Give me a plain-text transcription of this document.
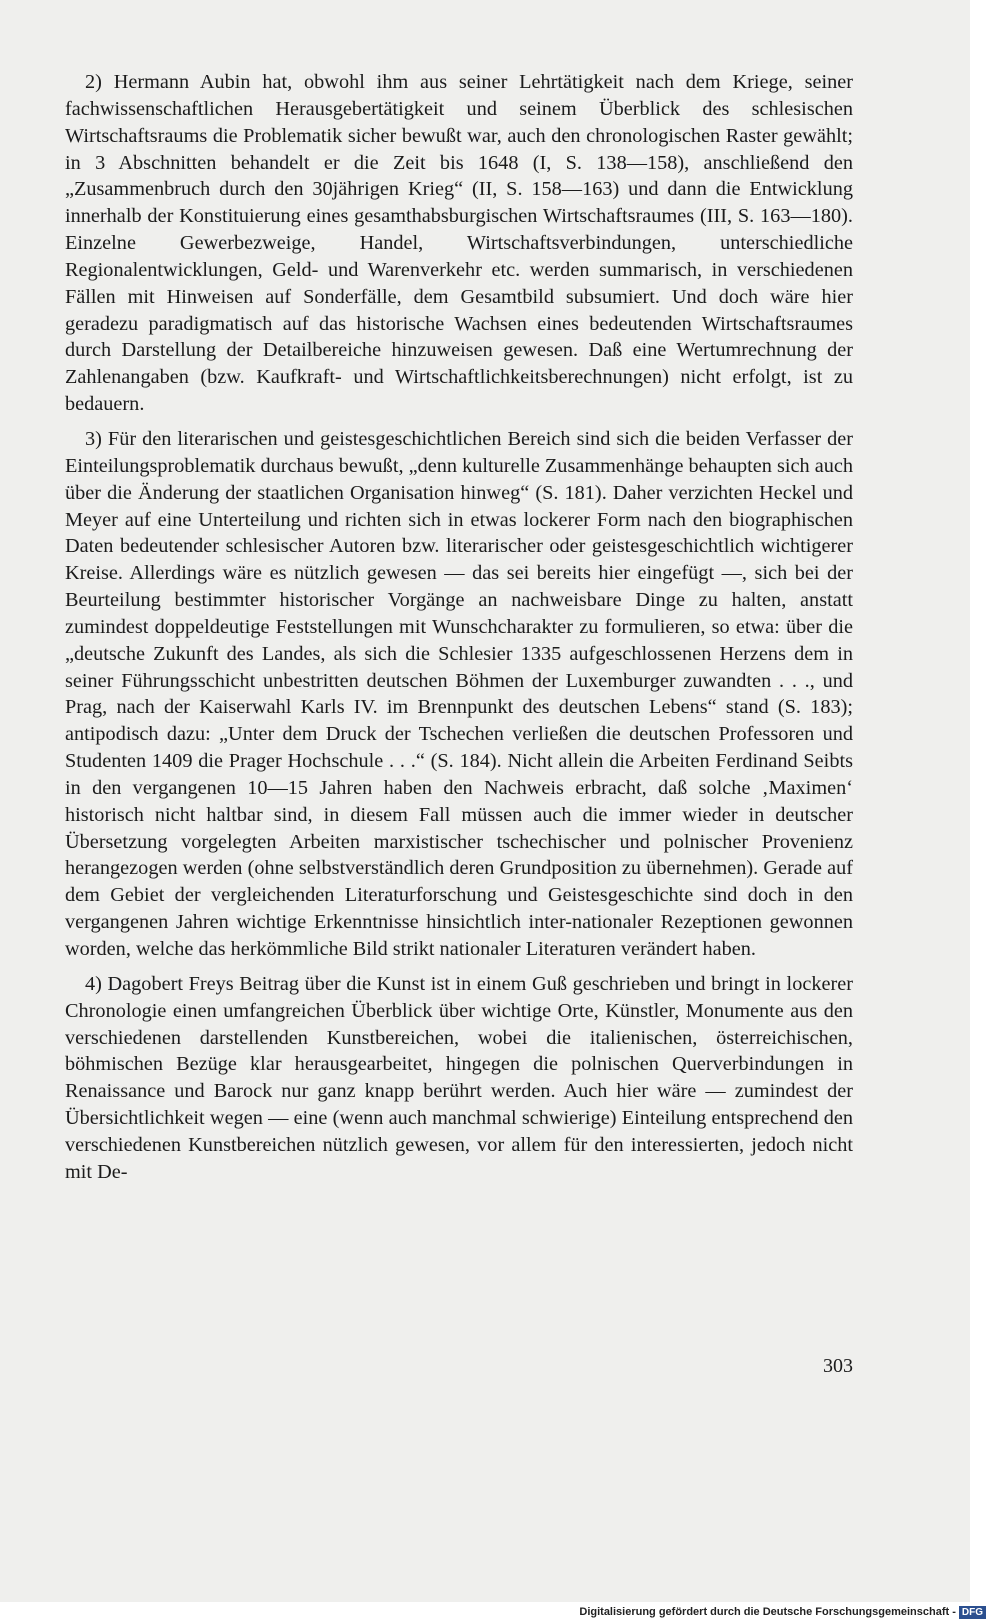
2) Hermann Aubin hat, obwohl ihm aus seiner Lehrtätigkeit nach dem Kriege, seiner fachwissenschaftlichen Herausgebertätigkeit und seinem Überblick des schlesischen Wirtschaftsraums die Problematik sicher bewußt war, auch den chronologischen Raster gewählt; in 3 Abschnitten behandelt er die Zeit bis 1648 (I, S. 138—158), anschließend den „Zusammenbruch durch den 30jährigen Krieg“ (II, S. 158—163) und dann die Entwicklung innerhalb der Konstituierung eines gesamthabsburgischen Wirtschaftsraumes (III, S. 163—180). Einzelne Gewerbezweige, Handel, Wirtschaftsverbindungen, unterschiedliche Regionalentwicklungen, Geld- und Warenverkehr etc. werden summarisch, in verschiedenen Fällen mit Hinweisen auf Sonderfälle, dem Gesamtbild subsumiert. Und doch wäre hier geradezu paradigmatisch auf das historische Wachsen eines bedeutenden Wirtschaftsraumes durch Darstellung der Detailbereiche hinzuweisen gewesen. Daß eine Wertumrechnung der Zahlenangaben (bzw. Kaufkraft- und Wirtschaftlichkeitsberechnungen) nicht erfolgt, ist zu bedauern.

3) Für den literarischen und geistesgeschichtlichen Bereich sind sich die beiden Verfasser der Einteilungsproblematik durchaus bewußt, „denn kulturelle Zusammenhänge behaupten sich auch über die Änderung der staatlichen Organisation hinweg“ (S. 181). Daher verzichten Heckel und Meyer auf eine Unterteilung und richten sich in etwas lockerer Form nach den biographischen Daten bedeutender schlesischer Autoren bzw. literarischer oder geistesgeschichtlich wichtigerer Kreise. Allerdings wäre es nützlich gewesen — das sei bereits hier eingefügt —, sich bei der Beurteilung bestimmter historischer Vorgänge an nachweisbare Dinge zu halten, anstatt zumindest doppeldeutige Feststellungen mit Wunschcharakter zu formulieren, so etwa: über die „deutsche Zukunft des Landes, als sich die Schlesier 1335 aufgeschlossenen Herzens dem in seiner Führungsschicht unbestritten deutschen Böhmen der Luxemburger zuwandten . . ., und Prag, nach der Kaiserwahl Karls IV. im Brennpunkt des deutschen Lebens“ stand (S. 183); antipodisch dazu: „Unter dem Druck der Tschechen verließen die deutschen Professoren und Studenten 1409 die Prager Hochschule . . .“ (S. 184). Nicht allein die Arbeiten Ferdinand Seibts in den vergangenen 10—15 Jahren haben den Nachweis erbracht, daß solche ‚Maximen‘ historisch nicht haltbar sind, in diesem Fall müssen auch die immer wieder in deutscher Übersetzung vorgelegten Arbeiten marxistischer tschechischer und polnischer Provenienz herangezogen werden (ohne selbstverständlich deren Grundposition zu übernehmen). Gerade auf dem Gebiet der vergleichenden Literaturforschung und Geistesgeschichte sind doch in den vergangenen Jahren wichtige Erkenntnisse hinsichtlich inter-nationaler Rezeptionen gewonnen worden, welche das herkömmliche Bild strikt nationaler Literaturen verändert haben.

4) Dagobert Freys Beitrag über die Kunst ist in einem Guß geschrieben und bringt in lockerer Chronologie einen umfangreichen Überblick über wichtige Orte, Künstler, Monumente aus den verschiedenen darstellenden Kunstbereichen, wobei die italienischen, österreichischen, böhmischen Bezüge klar herausgearbeitet, hingegen die polnischen Querverbindungen in Renaissance und Barock nur ganz knapp berührt werden. Auch hier wäre — zumindest der Übersichtlichkeit wegen — eine (wenn auch manchmal schwierige) Einteilung entsprechend den verschiedenen Kunstbereichen nützlich gewesen, vor allem für den interessierten, jedoch nicht mit De-

303
Digitalisierung gefördert durch die Deutsche Forschungsgemeinschaft - DFG
